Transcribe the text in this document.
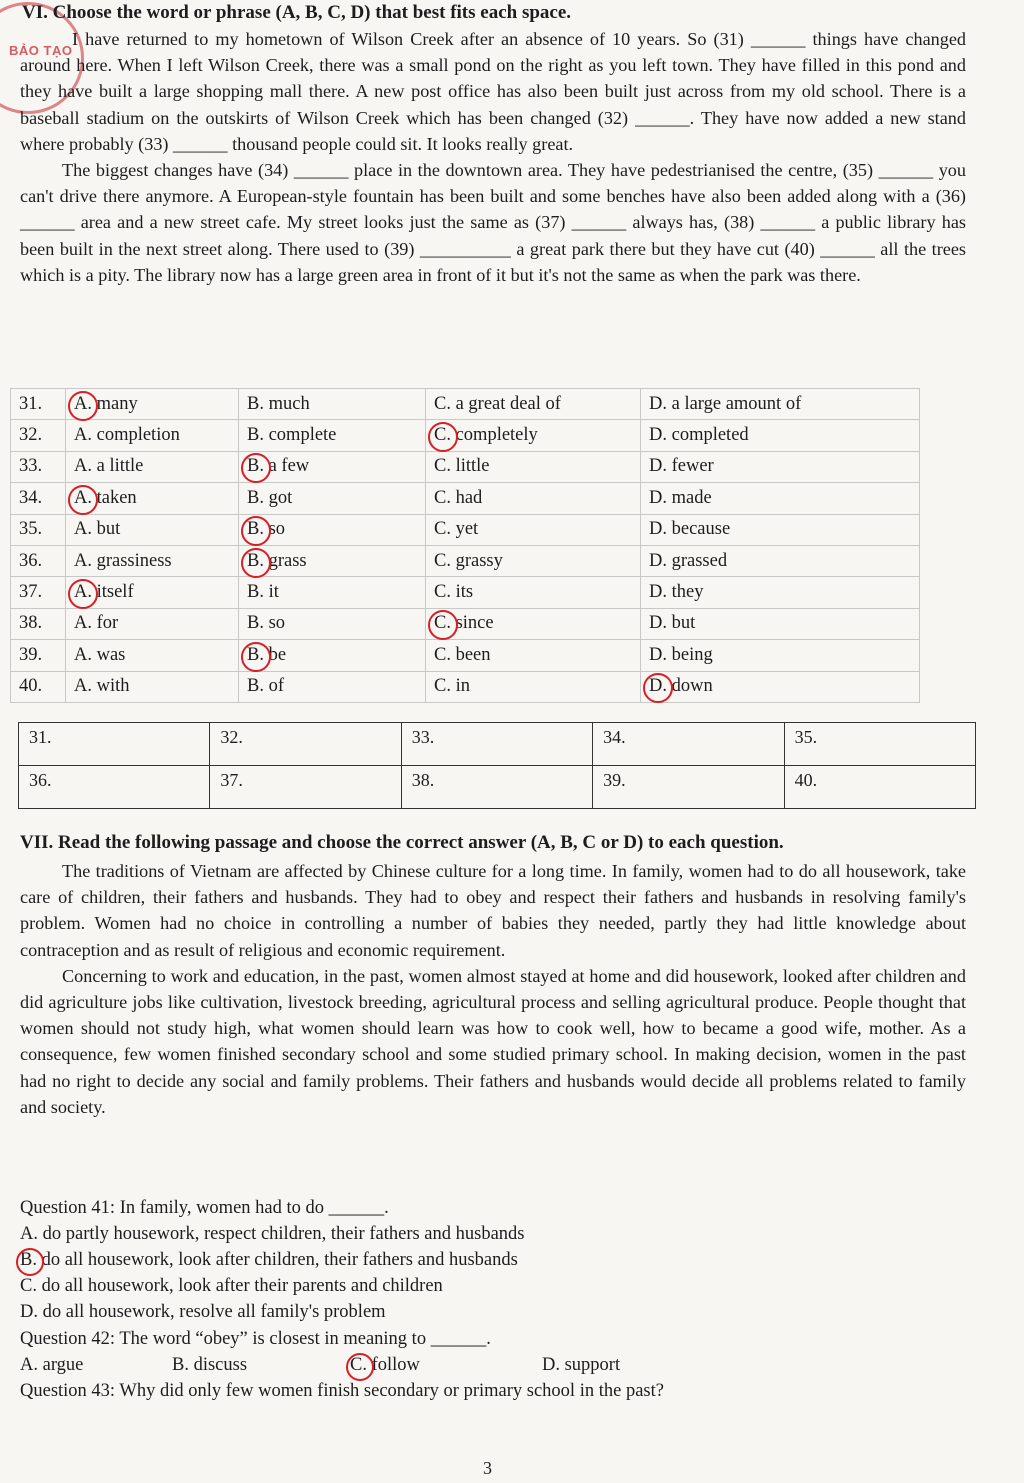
BẢO TẠO
VI. Choose the word or phrase (A, B, C, D) that best fits each space.

I have returned to my hometown of Wilson Creek after an absence of 10 years. So (31) ______ things have changed around here. When I left Wilson Creek, there was a small pond on the right as you left town. They have filled in this pond and they have built a large shopping mall there. A new post office has also been built just across from my old school. There is a baseball stadium on the outskirts of Wilson Creek which has been changed (32) ______. They have now added a new stand where probably (33) ______ thousand people could sit. It looks really great.

The biggest changes have (34) ______ place in the downtown area. They have pedestrianised the centre, (35) ______ you can't drive there anymore. A European-style fountain has been built and some benches have also been added along with a (36) ______ area and a new street cafe. My street looks just the same as (37) ______ always has, (38) ______ a public library has been built in the next street along. There used to (39) __________ a great park there but they have cut (40) ______ all the trees which is a pity. The library now has a large green area in front of it but it's not the same as when the park was there.

31.	A. many	B. much	C. a great deal of	D. a large amount of
32.	A. completion	B. complete	C. completely	D. completed
33.	A. a little	B. a few	C. little	D. fewer
34.	A. taken	B. got	C. had	D. made
35.	A. but	B. so	C. yet	D. because
36.	A. grassiness	B. grass	C. grassy	D. grassed
37.	A. itself	B. it	C. its	D. they
38.	A. for	B. so	C. since	D. but
39.	A. was	B. be	C. been	D. being
40.	A. with	B. of	C. in	D. down
31.	32.	33.	34.	35.
36.	37.	38.	39.	40.
VII. Read the following passage and choose the correct answer (A, B, C or D) to each question.

The traditions of Vietnam are affected by Chinese culture for a long time. In family, women had to do all housework, take care of children, their fathers and husbands. They had to obey and respect their fathers and husbands in resolving family's problem. Women had no choice in controlling a number of babies they needed, partly they had little knowledge about contraception and as result of religious and economic requirement.

Concerning to work and education, in the past, women almost stayed at home and did housework, looked after children and did agriculture jobs like cultivation, livestock breeding, agricultural process and selling agricultural produce. People thought that women should not study high, what women should learn was how to cook well, how to became a good wife, mother. As a consequence, few women finished secondary school and some studied primary school. In making decision, women in the past had no right to decide any social and family problems. Their fathers and husbands would decide all problems related to family and society.

Question 41: In family, women had to do ______.

A. do partly housework, respect children, their fathers and husbands

B. do all housework, look after children, their fathers and husbands

C. do all housework, look after their parents and children

D. do all housework, resolve all family's problem

Question 42: The word “obey” is closest in meaning to ______.

A. argue	B. discuss	C. follow	D. support

Question 43: Why did only few women finish secondary or primary school in the past?

3
